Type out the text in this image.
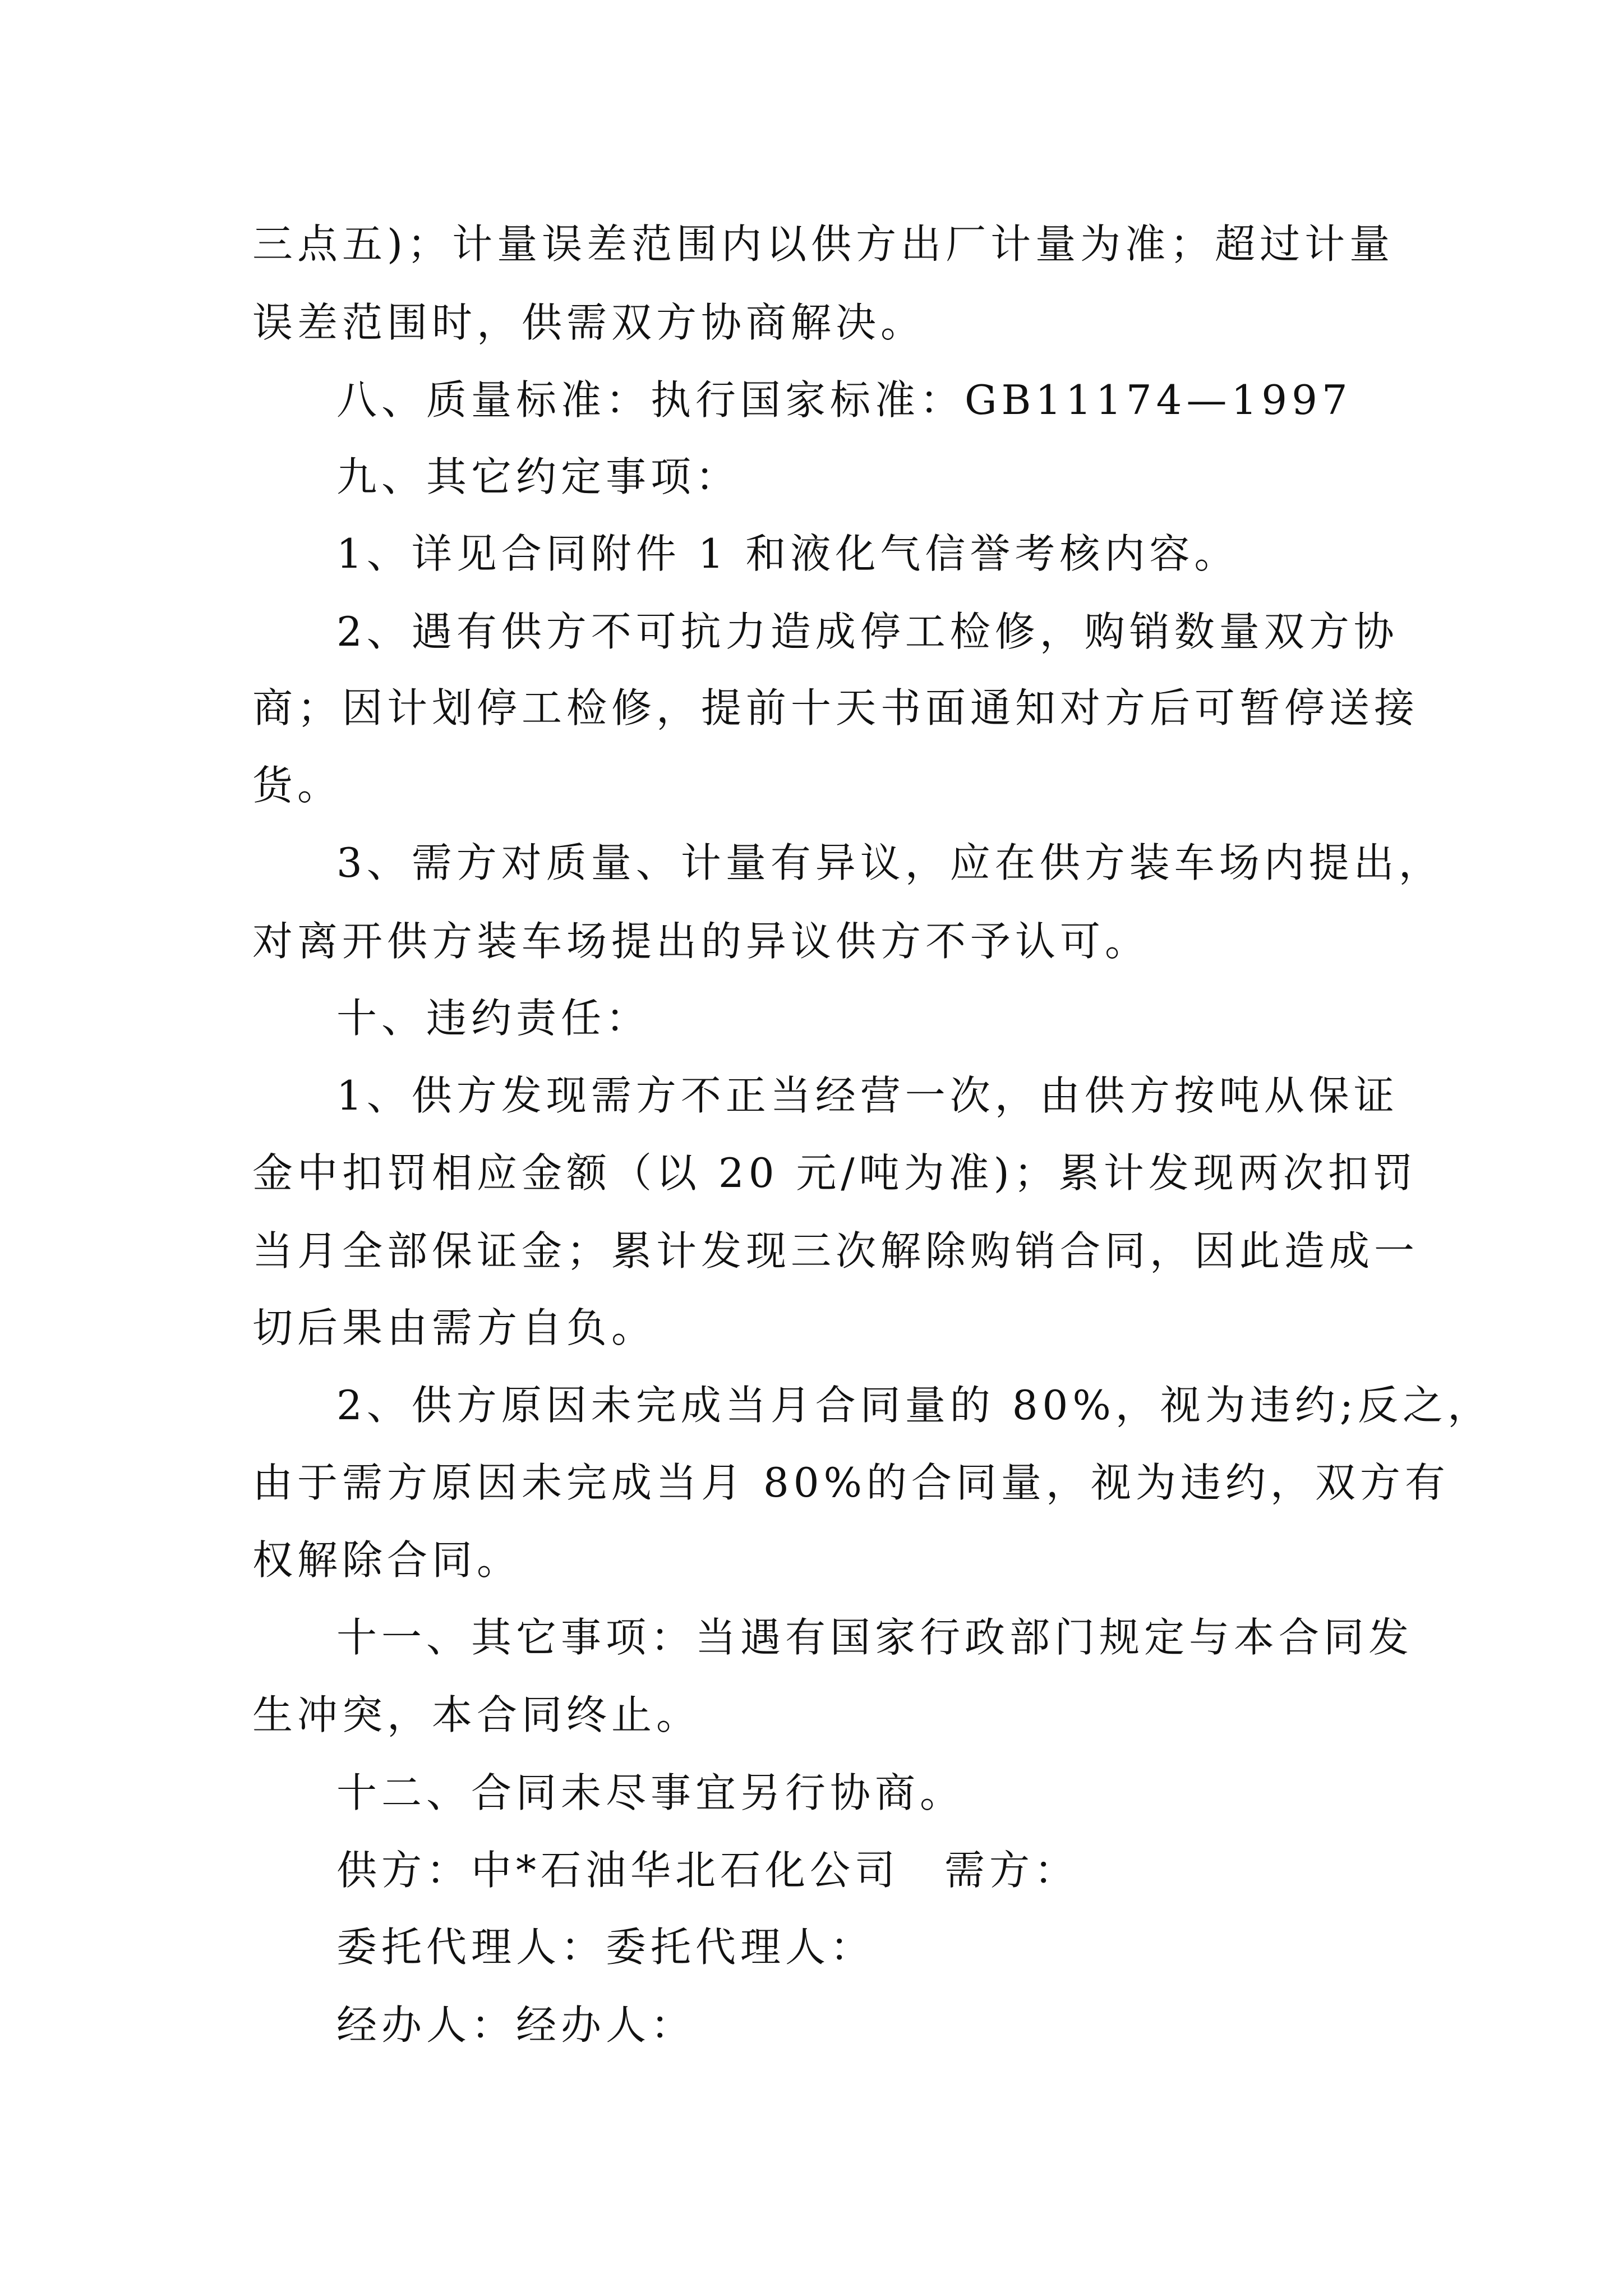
三点五)；计量误差范围内以供方出厂计量为准；超过计量
误差范围时，供需双方协商解决。
八、质量标准：执行国家标准：GB11174—1997
九、其它约定事项：
1、详见合同附件 1 和液化气信誉考核内容。
2、遇有供方不可抗力造成停工检修，购销数量双方协
商；因计划停工检修，提前十天书面通知对方后可暂停送接
货。
3、需方对质量、计量有异议，应在供方装车场内提出，
对离开供方装车场提出的异议供方不予认可。
十、违约责任：
1、供方发现需方不正当经营一次，由供方按吨从保证
金中扣罚相应金额（以 20 元/吨为准)；累计发现两次扣罚
当月全部保证金；累计发现三次解除购销合同，因此造成一
切后果由需方自负。
2、供方原因未完成当月合同量的 80%，视为违约;反之，
由于需方原因未完成当月 80%的合同量，视为违约，双方有
权解除合同。
十一、其它事项：当遇有国家行政部门规定与本合同发
生冲突，本合同终止。
十二、合同未尽事宜另行协商。
供方：中*石油华北石化公司　需方：
委托代理人：委托代理人：
经办人：经办人：
